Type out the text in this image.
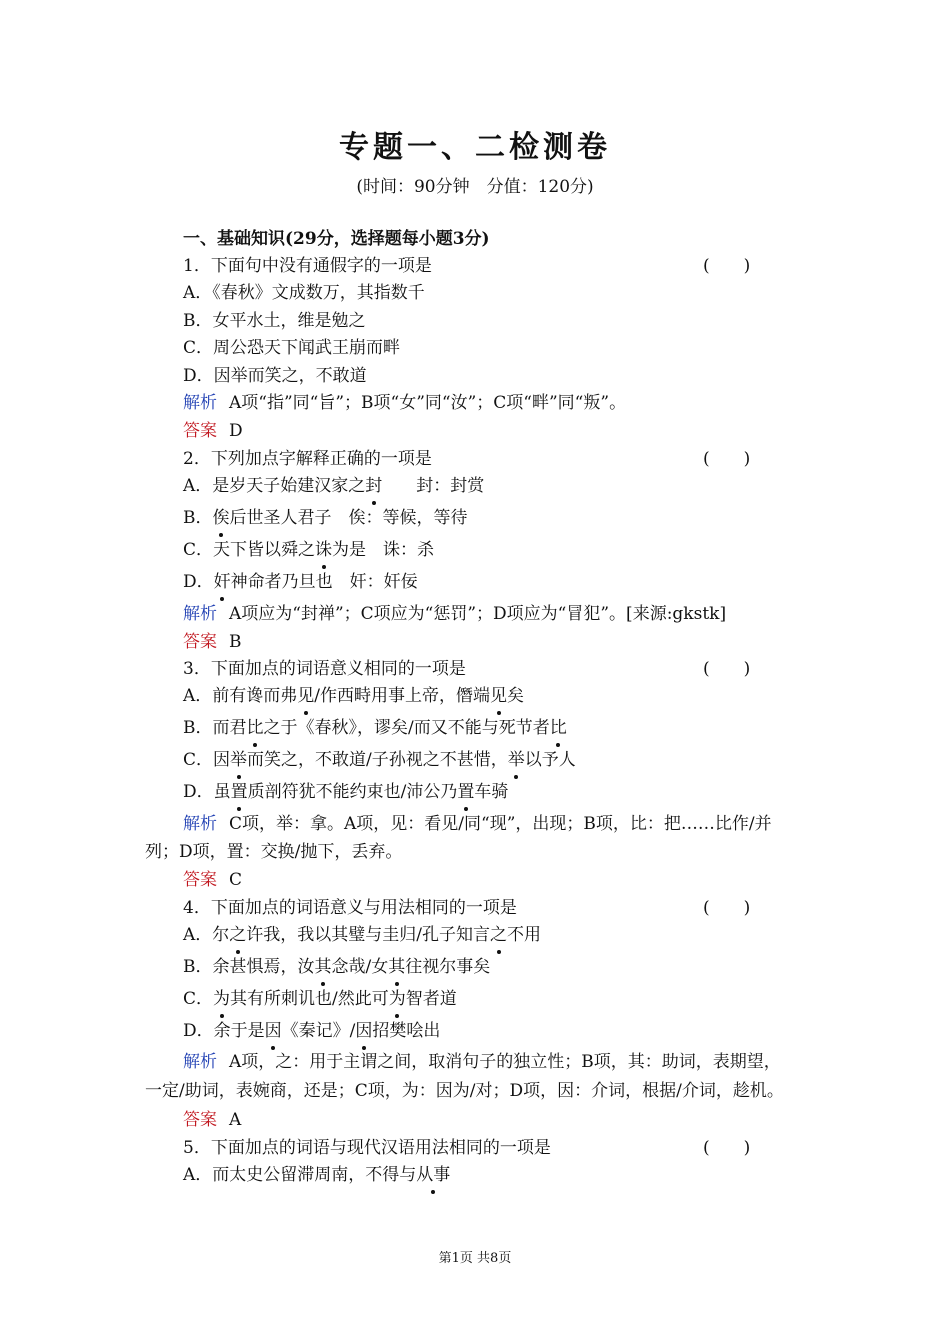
专题一、二检测卷
(时间：90分钟　分值：120分)
一、基础知识(29分，选择题每小题3分)
1．下面句中没有通假字的一项是	(　　)
A．《春秋》文成数万，其指数千
B．女平水土，维是勉之
C．周公恐天下闻武王崩而畔
D．因举而笑之，不敢道
解析 A项“指”同“旨”；B项“女”同“汝”；C项“畔”同“叛”。
答案 D
2．下列加点字解释正确的一项是	(　　)
A．是岁天子始建汉家之封　　封：封赏
B．俟后世圣人君子　俟：等候，等待
C．天下皆以舜之诛为是　诛：杀
D．奸神命者乃旦也　奸：奸佞
解析 A项应为“封禅”；C项应为“惩罚”；D项应为“冒犯”。[来源:gkstk]
答案 B
3．下面加点的词语意义相同的一项是	(　　)
A．前有谗而弗见/作西畤用事上帝，僭端见矣
B．而君比之于《春秋》，谬矣/而又不能与死节者比
C．因举而笑之，不敢道/子孙视之不甚惜，举以予人
D．虽置质剖符犹不能约束也/沛公乃置车骑
解析 C项，举：拿。A项，见：看见/同“现”，出现；B项，比：把……比作/并
列；D项，置：交换/抛下，丢弃。
答案 C
4．下面加点的词语意义与用法相同的一项是	(　　)
A．尔之许我，我以其璧与圭归/孔子知言之不用
B．余甚惧焉，汝其念哉/女其往视尔事矣
C．为其有所刺讥也/然此可为智者道
D．余于是因《秦记》/因招樊哙出
解析 A项，之：用于主谓之间，取消句子的独立性；B项，其：助词，表期望，
一定/助词，表婉商，还是；C项，为：因为/对；D项，因：介词，根据/介词，趁机。
答案 A
5．下面加点的词语与现代汉语用法相同的一项是	(　　)
A．而太史公留滞周南，不得与从事
第1页 共8页
